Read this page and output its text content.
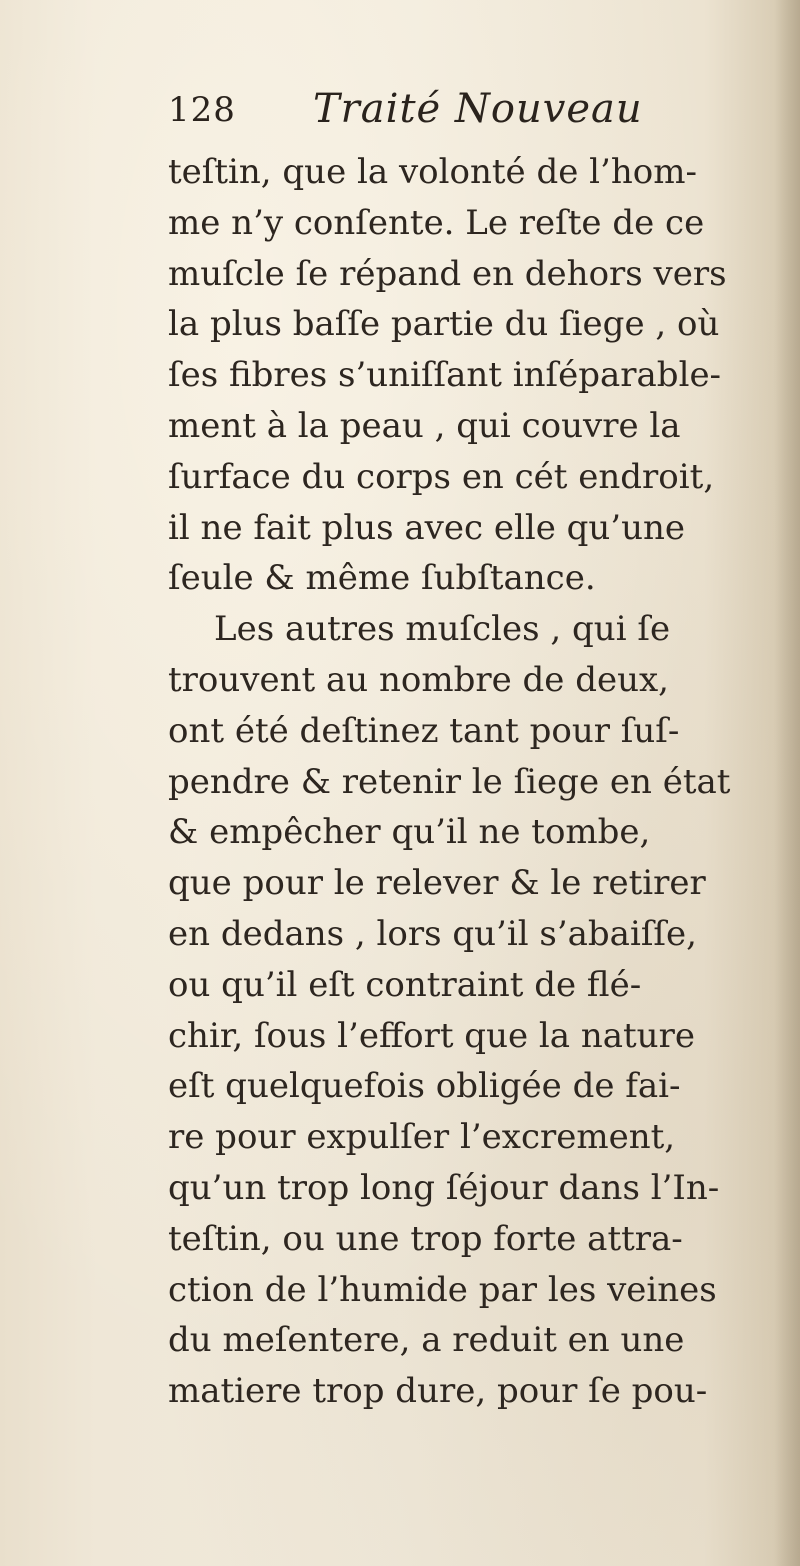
128 Traité Nouveau
teſtin, que la volonté de l’hom-
me n’y conſente. Le reſte de ce
muſcle ſe répand en dehors vers
la plus baſſe partie du ſiege , où
ſes fibres s’uniſſant inſéparable-
ment à la peau , qui couvre la
ſurface du corps en cét endroit,
il ne fait plus avec elle qu’une
ſeule & même ſubſtance.
Les autres muſcles , qui ſe
trouvent au nombre de deux,
ont été deſtinez tant pour ſuſ-
pendre & retenir le ſiege en état
& empêcher qu’il ne tombe,
que pour le relever & le retirer
en dedans , lors qu’il s’abaiſſe,
ou qu’il eſt contraint de flé-
chir, ſous l’effort que la nature
eſt quelquefois obligée de fai-
re pour expulſer l’excrement,
qu’un trop long ſéjour dans l’In-
teſtin, ou une trop forte attra-
ction de l’humide par les veines
du meſentere, a reduit en une
matiere trop dure, pour ſe pou-
